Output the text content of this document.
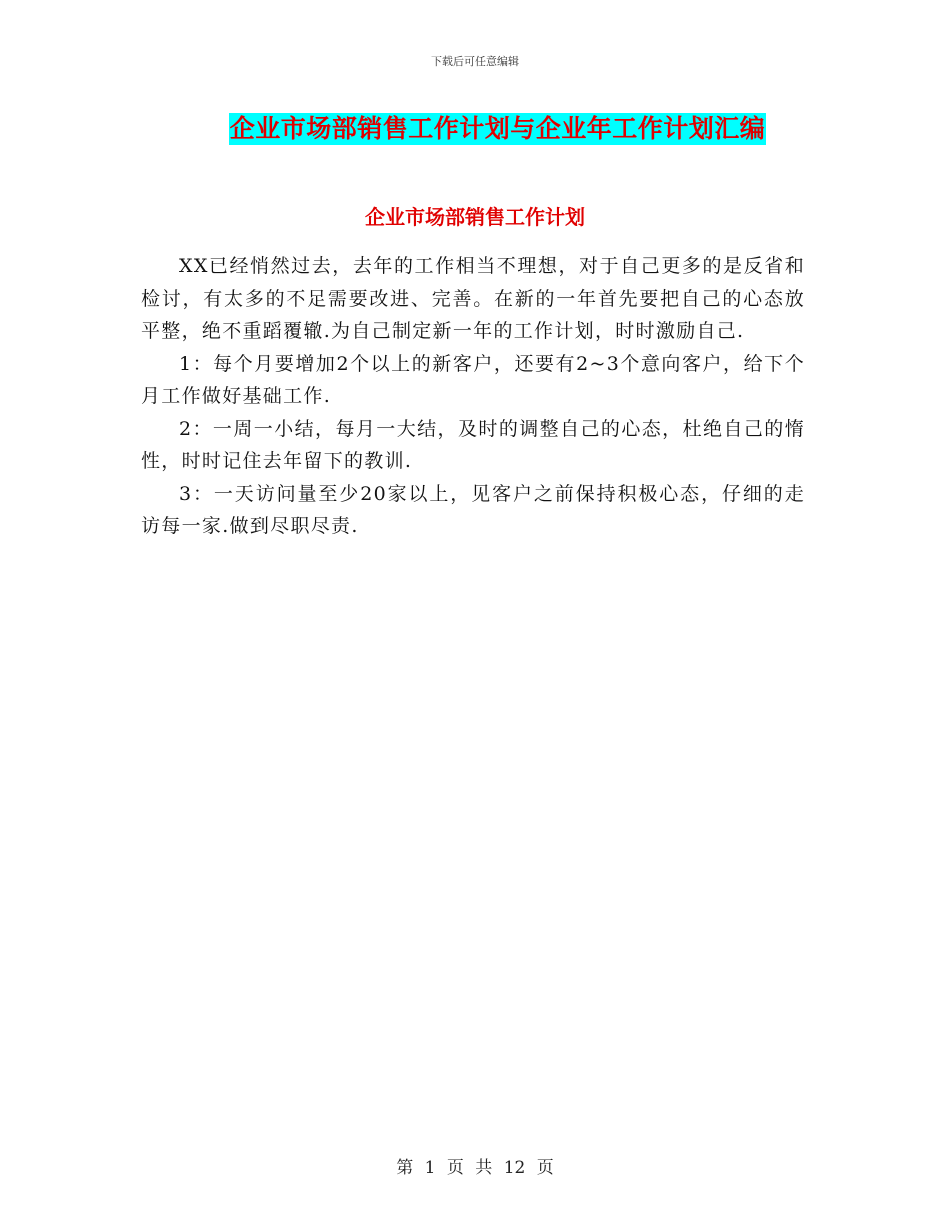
下载后可任意编辑
企业市场部销售工作计划与企业年工作计划汇编
企业市场部销售工作计划

XX已经悄然过去，去年的工作相当不理想，对于自己更多的是反省和检讨，有太多的不足需要改进、完善。在新的一年首先要把自己的心态放平整，绝不重蹈覆辙.为自己制定新一年的工作计划，时时激励自己.

1：每个月要增加2个以上的新客户，还要有2~3个意向客户，给下个月工作做好基础工作.

2：一周一小结，每月一大结，及时的调整自己的心态，杜绝自己的惰性，时时记住去年留下的教训.

3：一天访问量至少20家以上，见客户之前保持积极心态，仔细的走访每一家.做到尽职尽责.

第 1 页 共 12 页
